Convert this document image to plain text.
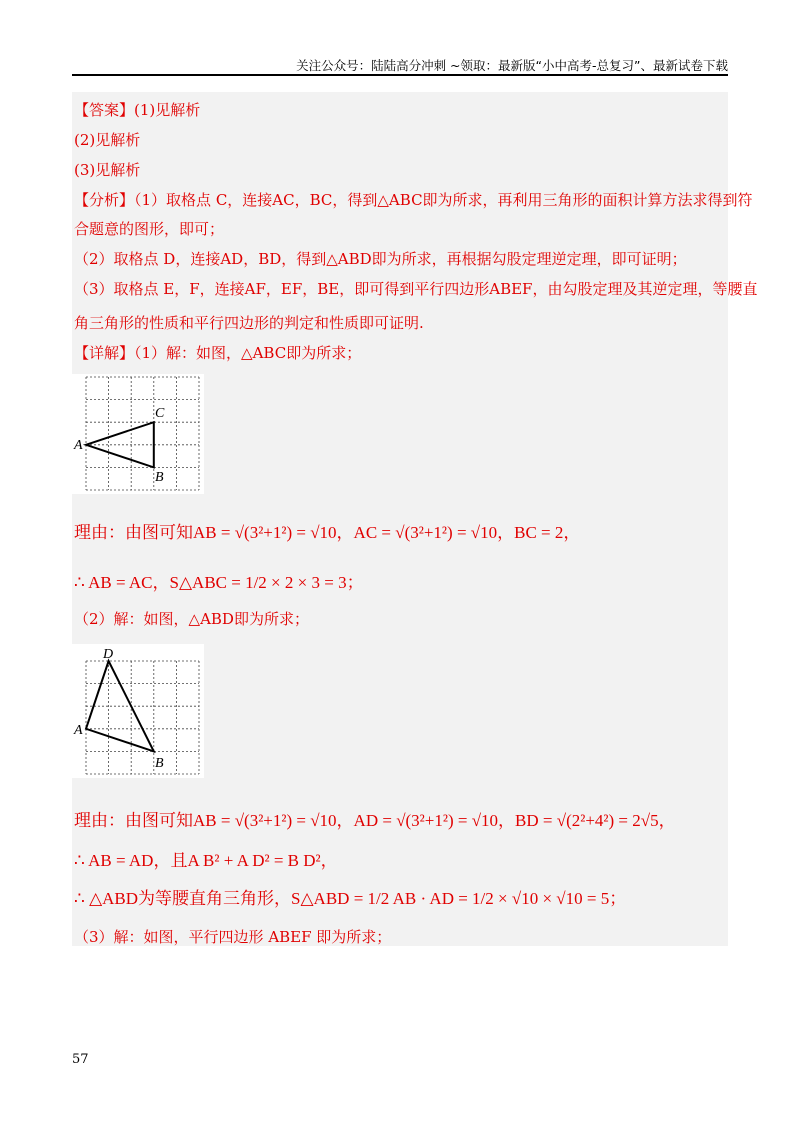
关注公众号：陆陆高分冲刺 ~领取：最新版“小中高考-总复习”、最新试卷下载
【答案】(1)见解析
(2)见解析
(3)见解析
【分析】（1）取格点 C，连接AC，BC，得到△ABC即为所求，再利用三角形的面积计算方法求得到符
合题意的图形，即可；
（2）取格点 D，连接AD，BD，得到△ABD即为所求，再根据勾股定理逆定理，即可证明；
（3）取格点 E，F，连接AF，EF，BE，即可得到平行四边形ABEF，由勾股定理及其逆定理，等腰直
角三角形的性质和平行四边形的判定和性质即可证明.
【详解】（1）解：如图，△ABC即为所求；
A
C
B
理由：由图可知AB = √(3²+1²) = √10，AC = √(3²+1²) = √10，BC = 2，
∴ AB = AC，S△ABC = 1/2 × 2 × 3 = 3；
（2）解：如图，△ABD即为所求；
D
A
B
理由：由图可知AB = √(3²+1²) = √10，AD = √(3²+1²) = √10，BD = √(2²+4²) = 2√5，
∴ AB = AD，且A B² + A D² = B D²，
∴ △ABD为等腰直角三角形，S△ABD = 1/2 AB · AD = 1/2 × √10 × √10 = 5；
（3）解：如图，平行四边形 ABEF 即为所求；
57
